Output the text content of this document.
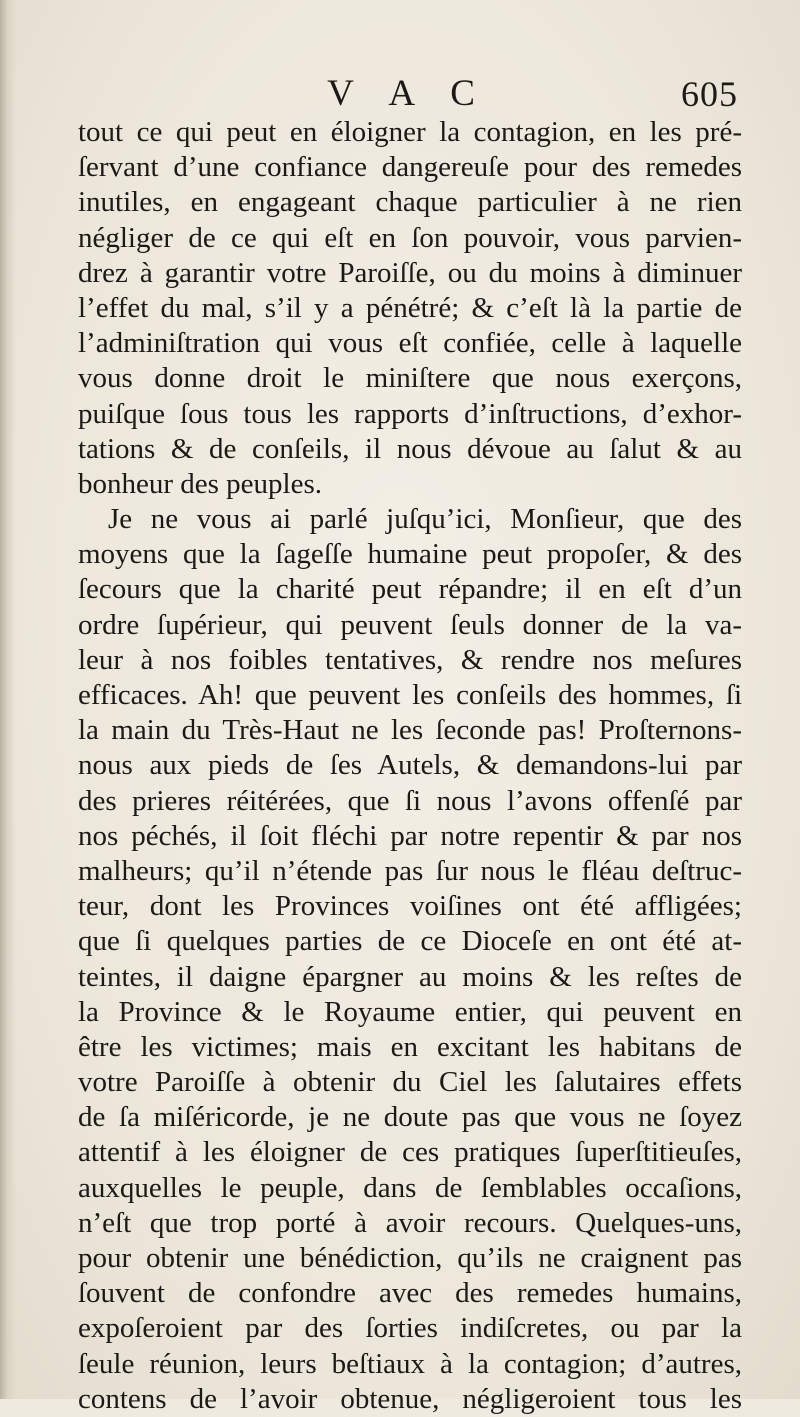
V A C	605
tout ce qui peut en éloigner la contagion, en les pré-
ſervant d’une confiance dangereuſe pour des remedes
inutiles, en engageant chaque particulier à ne rien
négliger de ce qui eſt en ſon pouvoir, vous parvien-
drez à garantir votre Paroiſſe, ou du moins à diminuer
l’effet du mal, s’il y a pénétré; & c’eſt là la partie de
l’adminiſtration qui vous eſt confiée, celle à laquelle
vous donne droit le miniſtere que nous exerçons,
puiſque ſous tous les rapports d’inſtructions, d’exhor-
tations & de conſeils, il nous dévoue au ſalut & au
bonheur des peuples.
Je ne vous ai parlé juſqu’ici, Monſieur, que des
moyens que la ſageſſe humaine peut propoſer, & des
ſecours que la charité peut répandre; il en eſt d’un
ordre ſupérieur, qui peuvent ſeuls donner de la va-
leur à nos foibles tentatives, & rendre nos meſures
efficaces. Ah! que peuvent les conſeils des hommes, ſi
la main du Très-Haut ne les ſeconde pas! Proſternons-
nous aux pieds de ſes Autels, & demandons-lui par
des prieres réitérées, que ſi nous l’avons offenſé par
nos péchés, il ſoit fléchi par notre repentir & par nos
malheurs; qu’il n’étende pas ſur nous le fléau deſtruc-
teur, dont les Provinces voiſines ont été affligées;
que ſi quelques parties de ce Dioceſe en ont été at-
teintes, il daigne épargner au moins & les reſtes de
la Province & le Royaume entier, qui peuvent en
être les victimes; mais en excitant les habitans de
votre Paroiſſe à obtenir du Ciel les ſalutaires effets
de ſa miſéricorde, je ne doute pas que vous ne ſoyez
attentif à les éloigner de ces pratiques ſuperſtitieuſes,
auxquelles le peuple, dans de ſemblables occaſions,
n’eſt que trop porté à avoir recours. Quelques-uns,
pour obtenir une bénédiction, qu’ils ne craignent pas
ſouvent de confondre avec des remedes humains,
expoſeroient par des ſorties indiſcretes, ou par la
ſeule réunion, leurs beſtiaux à la contagion; d’autres,
contens de l’avoir obtenue, négligeroient tous les
